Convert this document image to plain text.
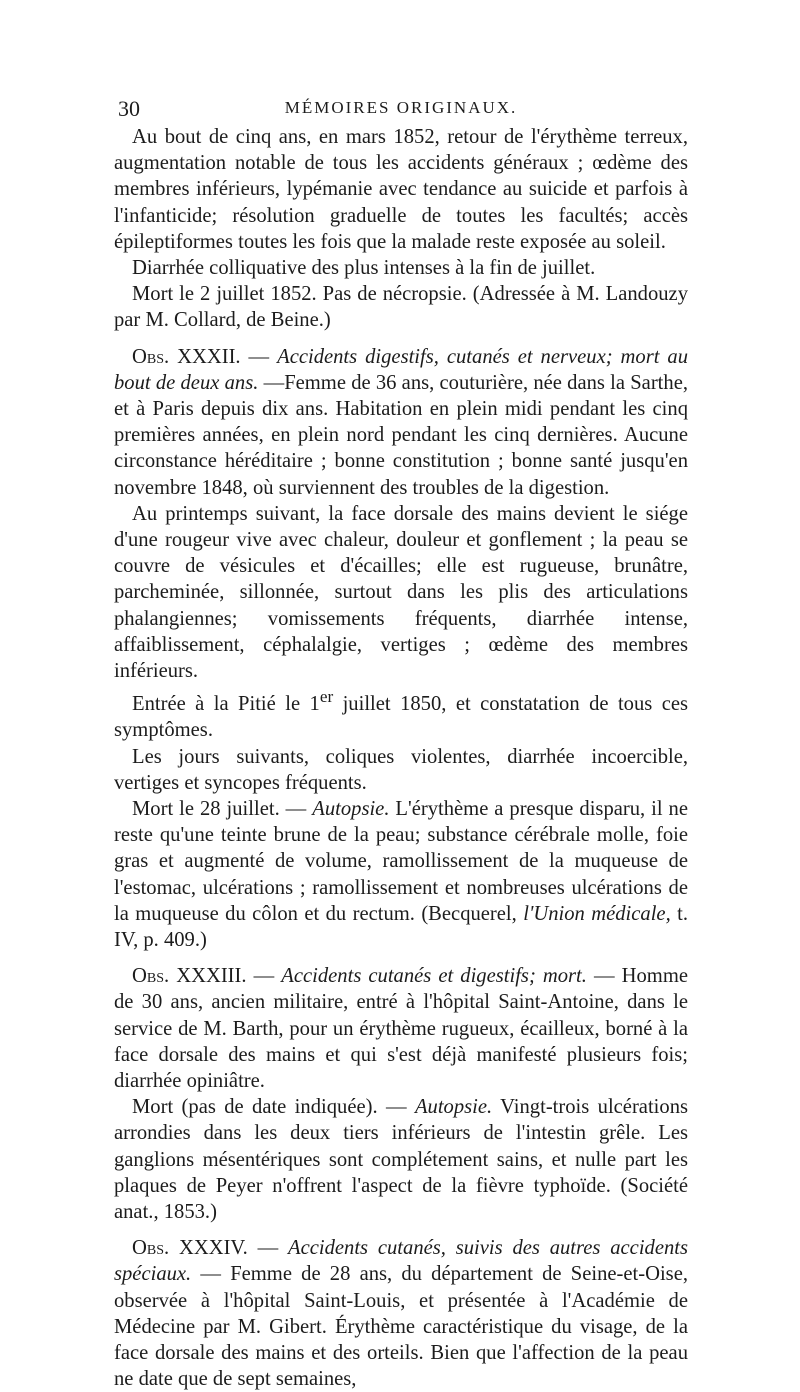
30	MÉMOIRES ORIGINAUX.

Au bout de cinq ans, en mars 1852, retour de l'érythème terreux, augmentation notable de tous les accidents généraux ; œdème des membres inférieurs, lypémanie avec tendance au suicide et parfois à l'infanticide; résolution graduelle de toutes les facultés; accès épileptiformes toutes les fois que la malade reste exposée au soleil.

Diarrhée colliquative des plus intenses à la fin de juillet.

Mort le 2 juillet 1852. Pas de nécropsie. (Adressée à M. Landouzy par M. Collard, de Beine.)

Obs. XXXII. — Accidents digestifs, cutanés et nerveux; mort au bout de deux ans. —Femme de 36 ans, couturière, née dans la Sarthe, et à Paris depuis dix ans. Habitation en plein midi pendant les cinq premières années, en plein nord pendant les cinq dernières. Aucune circonstance héréditaire ; bonne constitution ; bonne santé jusqu'en novembre 1848, où surviennent des troubles de la digestion.

Au printemps suivant, la face dorsale des mains devient le siége d'une rougeur vive avec chaleur, douleur et gonflement ; la peau se couvre de vésicules et d'écailles; elle est rugueuse, brunâtre, parcheminée, sillonnée, surtout dans les plis des articulations phalangiennes; vomissements fréquents, diarrhée intense, affaiblissement, céphalalgie, vertiges ; œdème des membres inférieurs.

Entrée à la Pitié le 1er juillet 1850, et constatation de tous ces symptômes.

Les jours suivants, coliques violentes, diarrhée incoercible, vertiges et syncopes fréquents.

Mort le 28 juillet. — Autopsie. L'érythème a presque disparu, il ne reste qu'une teinte brune de la peau; substance cérébrale molle, foie gras et augmenté de volume, ramollissement de la muqueuse de l'estomac, ulcérations ; ramollissement et nombreuses ulcérations de la muqueuse du côlon et du rectum. (Becquerel, l'Union médicale, t. IV, p. 409.)

Obs. XXXIII. — Accidents cutanés et digestifs; mort. — Homme de 30 ans, ancien militaire, entré à l'hôpital Saint-Antoine, dans le service de M. Barth, pour un érythème rugueux, écailleux, borné à la face dorsale des mains et qui s'est déjà manifesté plusieurs fois; diarrhée opiniâtre.

Mort (pas de date indiquée). — Autopsie. Vingt-trois ulcérations arrondies dans les deux tiers inférieurs de l'intestin grêle. Les ganglions mésentériques sont complétement sains, et nulle part les plaques de Peyer n'offrent l'aspect de la fièvre typhoïde. (Société anat., 1853.)

Obs. XXXIV. — Accidents cutanés, suivis des autres accidents spéciaux. — Femme de 28 ans, du département de Seine-et-Oise, observée à l'hôpital Saint-Louis, et présentée à l'Académie de Médecine par M. Gibert. Érythème caractéristique du visage, de la face dorsale des mains et des orteils. Bien que l'affection de la peau ne date que de sept semaines,
